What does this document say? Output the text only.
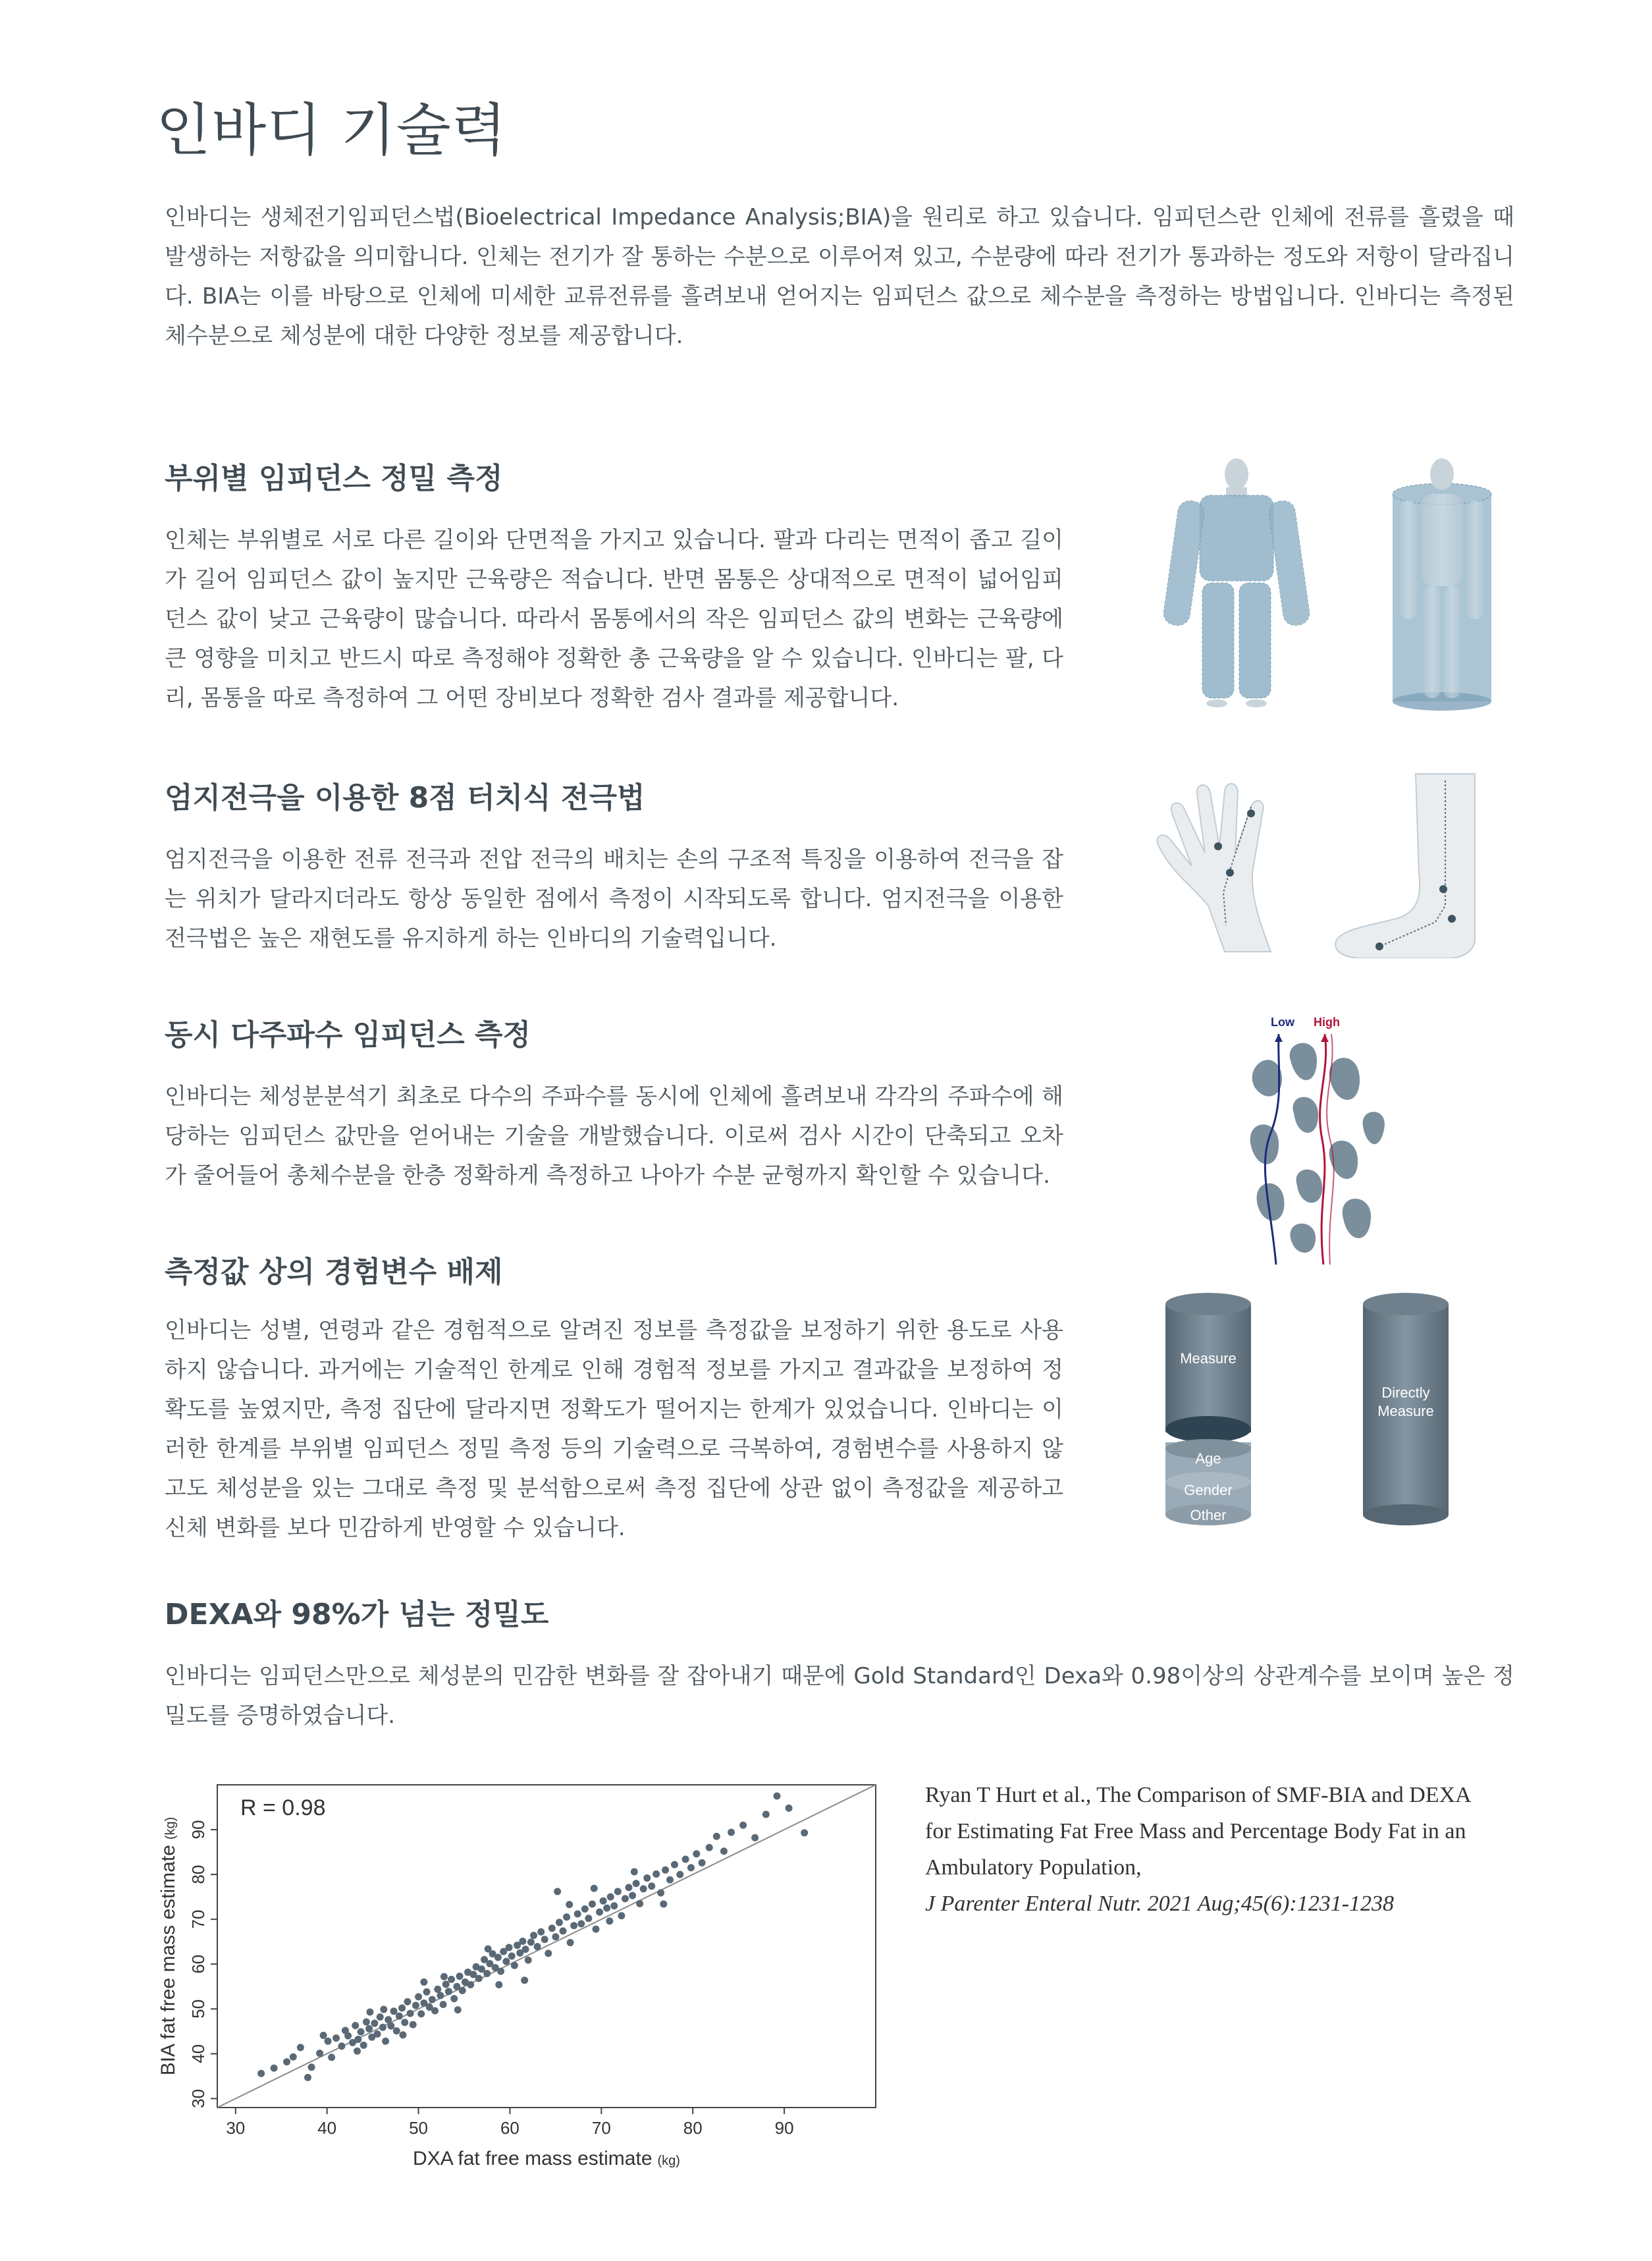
인바디 기술력

인바디는 생체전기임피던스법(Bioelectrical Impedance Analysis;BIA)을 원리로 하고 있습니다. 임피던스란 인체에 전류를 흘렸을 때 발생하는 저항값을 의미합니다. 인체는 전기가 잘 통하는 수분으로 이루어져 있고, 수분량에 따라 전기가 통과하는 정도와 저항이 달라집니다. BIA는 이를 바탕으로 인체에 미세한 교류전류를 흘려보내 얻어지는 임피던스 값으로 체수분을 측정하는 방법입니다. 인바디는 측정된 체수분으로 체성분에 대한 다양한 정보를 제공합니다.

부위별 임피던스 정밀 측정

인체는 부위별로 서로 다른 길이와 단면적을 가지고 있습니다. 팔과 다리는 면적이 좁고 길이가 길어 임피던스 값이 높지만 근육량은 적습니다. 반면 몸통은 상대적으로 면적이 넓어임피던스 값이 낮고 근육량이 많습니다. 따라서 몸통에서의 작은 임피던스 값의 변화는 근육량에 큰 영향을 미치고 반드시 따로 측정해야 정확한 총 근육량을 알 수 있습니다. 인바디는 팔, 다리, 몸통을 따로 측정하여 그 어떤 장비보다 정확한 검사 결과를 제공합니다.

엄지전극을 이용한 8점 터치식 전극법

엄지전극을 이용한 전류 전극과 전압 전극의 배치는 손의 구조적 특징을 이용하여 전극을 잡는 위치가 달라지더라도 항상 동일한 점에서 측정이 시작되도록 합니다. 엄지전극을 이용한 전극법은 높은 재현도를 유지하게 하는 인바디의 기술력입니다.

동시 다주파수 임피던스 측정

인바디는 체성분분석기 최초로 다수의 주파수를 동시에 인체에 흘려보내 각각의 주파수에 해당하는 임피던스 값만을 얻어내는 기술을 개발했습니다. 이로써 검사 시간이 단축되고 오차가 줄어들어 총체수분을 한층 정확하게 측정하고 나아가 수분 균형까지 확인할 수 있습니다.

측정값 상의 경험변수 배제

인바디는 성별, 연령과 같은 경험적으로 알려진 정보를 측정값을 보정하기 위한 용도로 사용하지 않습니다. 과거에는 기술적인 한계로 인해 경험적 정보를 가지고 결과값을 보정하여 정확도를 높였지만, 측정 집단에 달라지면 정확도가 떨어지는 한계가 있었습니다. 인바디는 이러한 한계를 부위별 임피던스 정밀 측정 등의 기술력으로 극복하여, 경험변수를 사용하지 않고도 체성분을 있는 그대로 측정 및 분석함으로써 측정 집단에 상관 없이 측정값을 제공하고 신체 변화를 보다 민감하게 반영할 수 있습니다.

DEXA와 98%가 넘는 정밀도

인바디는 임피던스만으로 체성분의 민감한 변화를 잘 잡아내기 때문에 Gold Standard인 Dexa와 0.98이상의 상관계수를 보이며 높은 정밀도를 증명하였습니다.

Low High
Measure
Age
Gender
Other
Directly
Measure
R = 0.98
30	40	50	60	70	80	90
30
40
50
60
70
80
90
DXA fat free mass estimate (kg)
BIA fat free mass estimate(kg)

Ryan T Hurt et al., The Comparison of SMF-BIA and DEXA

for Estimating Fat Free Mass and Percentage Body Fat in an

Ambulatory Population,

J Parenter Enteral Nutr. 2021 Aug;45(6):1231-1238
